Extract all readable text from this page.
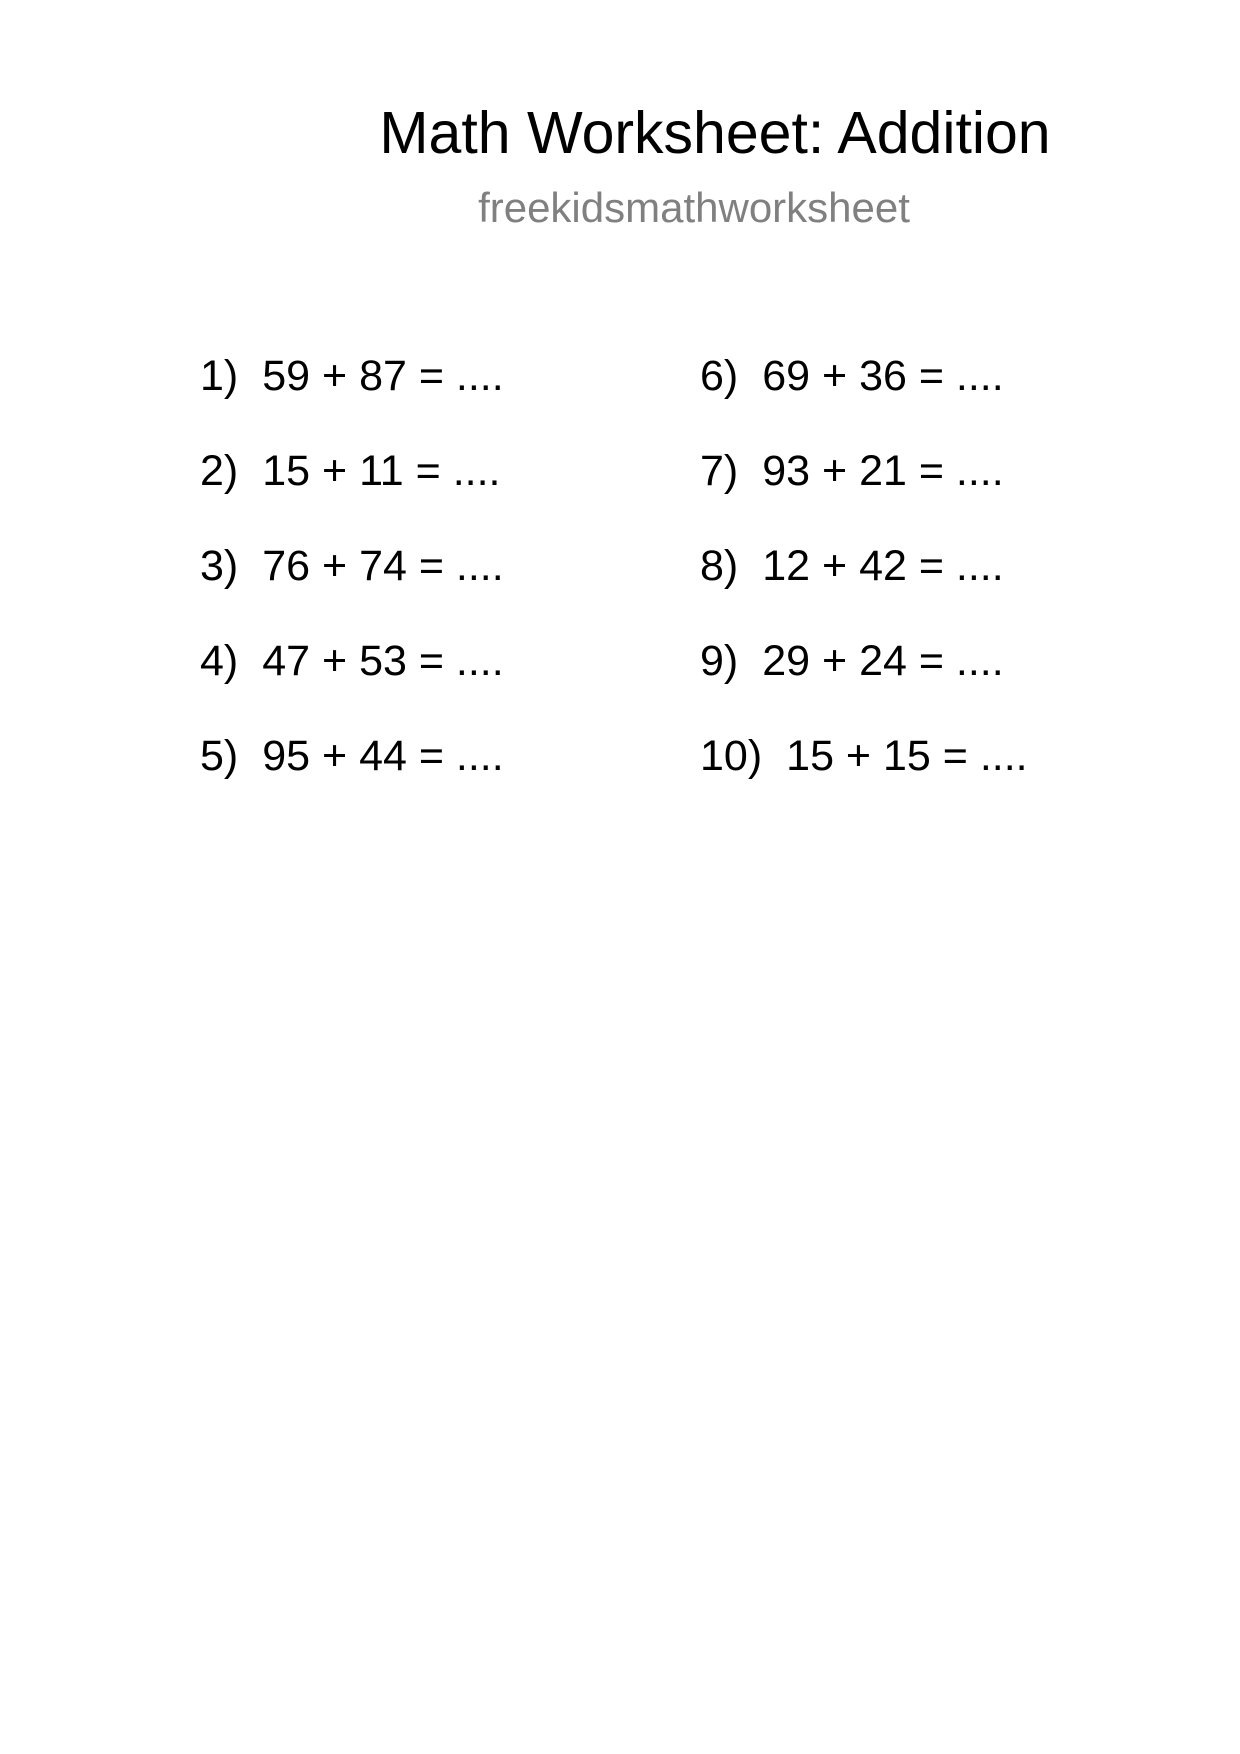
Math Worksheet: Addition
freekidsmathworksheet
1) 59 + 87 = ....
2) 15 + 11 = ....
3) 76 + 74 = ....
4) 47 + 53 = ....
5) 95 + 44 = ....
6) 69 + 36 = ....
7) 93 + 21 = ....
8) 12 + 42 = ....
9) 29 + 24 = ....
10) 15 + 15 = ....
